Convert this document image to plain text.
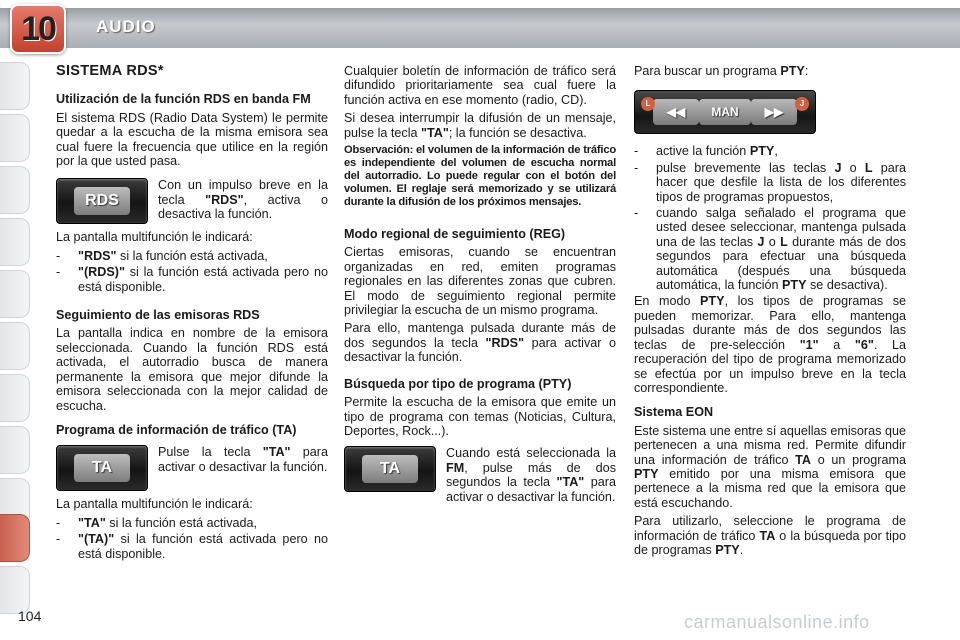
10 AUDIO
SISTEMA RDS*
Utilización de la función RDS en banda FM

El sistema RDS (Radio Data System) le permite quedar a la escucha de la misma emisora sea cual fuere la frecuencia que utilice en la región por la que usted pasa.

RDS
Con un impulso breve en la tecla "RDS", activa o desactiva la función.

La pantalla multifunción le indicará:

-	"RDS" si la función está activada,
-	"(RDS)" si la función está activada pero no está disponible.
Seguimiento de las emisoras RDS

La pantalla indica en nombre de la emisora seleccionada. Cuando la función RDS está activada, el autorradio busca de manera permanente la emisora que mejor difunde la emisora seleccionada con la mejor calidad de escucha.

Programa de información de tráfico (TA)
TA
Pulse la tecla "TA" para activar o desactivar la función.

La pantalla multifunción le indicará:

-	"TA" si la función está activada,
-	"(TA)" si la función está activada pero no está disponible.

Cualquier boletín de información de tráfico será difundido prioritariamente sea cual fuere la función activa en ese momento (radio, CD).

Si desea interrumpir la difusión de un mensaje, pulse la tecla "TA"; la función se desactiva.

Observación: el volumen de la información de tráfico es independiente del volumen de escucha normal del autorradio. Lo puede regular con el botón del volumen. El reglaje será memorizado y se utilizará durante la difusión de los próximos mensajes.

Modo regional de seguimiento (REG)

Ciertas emisoras, cuando se encuentran organizadas en red, emiten programas regionales en las diferentes zonas que cubren. El modo de seguimiento regional permite privilegiar la escucha de un mismo programa.

Para ello, mantenga pulsada durante más de dos segundos la tecla "RDS" para activar o desactivar la función.

Búsqueda por tipo de programa (PTY)

Permite la escucha de la emisora que emite un tipo de programa con temas (Noticias, Cultura, Deportes, Rock...).

TA
Cuando está seleccionada la FM, pulse más de dos segundos la tecla "TA" para activar o desactivar la función.

Para buscar un programa PTY:

L
◀◀	MAN	▶▶
J
-	active la función PTY,
-	pulse brevemente las teclas J o L para hacer que desfile la lista de los diferentes tipos de programas propuestos,
-	cuando salga señalado el programa que usted desee seleccionar, mantenga pulsada una de las teclas J o L durante más de dos segundos para efectuar una búsqueda automática (después una búsqueda automática, la función PTY se desactiva).

En modo PTY, los tipos de programas se pueden memorizar. Para ello, mantenga pulsadas durante más de dos segundos las teclas de pre-selección "1" a "6". La recuperación del tipo de programa memorizado se efectúa por un impulso breve en la tecla correspondiente.

Sistema EON

Este sistema une entre sí aquellas emisoras que pertenecen a una misma red. Permite difundir una información de tráfico TA o un programa PTY emitido por una misma emisora que pertenece a la misma red que la emisora que está escuchando.

Para utilizarlo, seleccione le programa de información de tráfico TA o la búsqueda por tipo de programas PTY.

104	carmanualsonline.info
